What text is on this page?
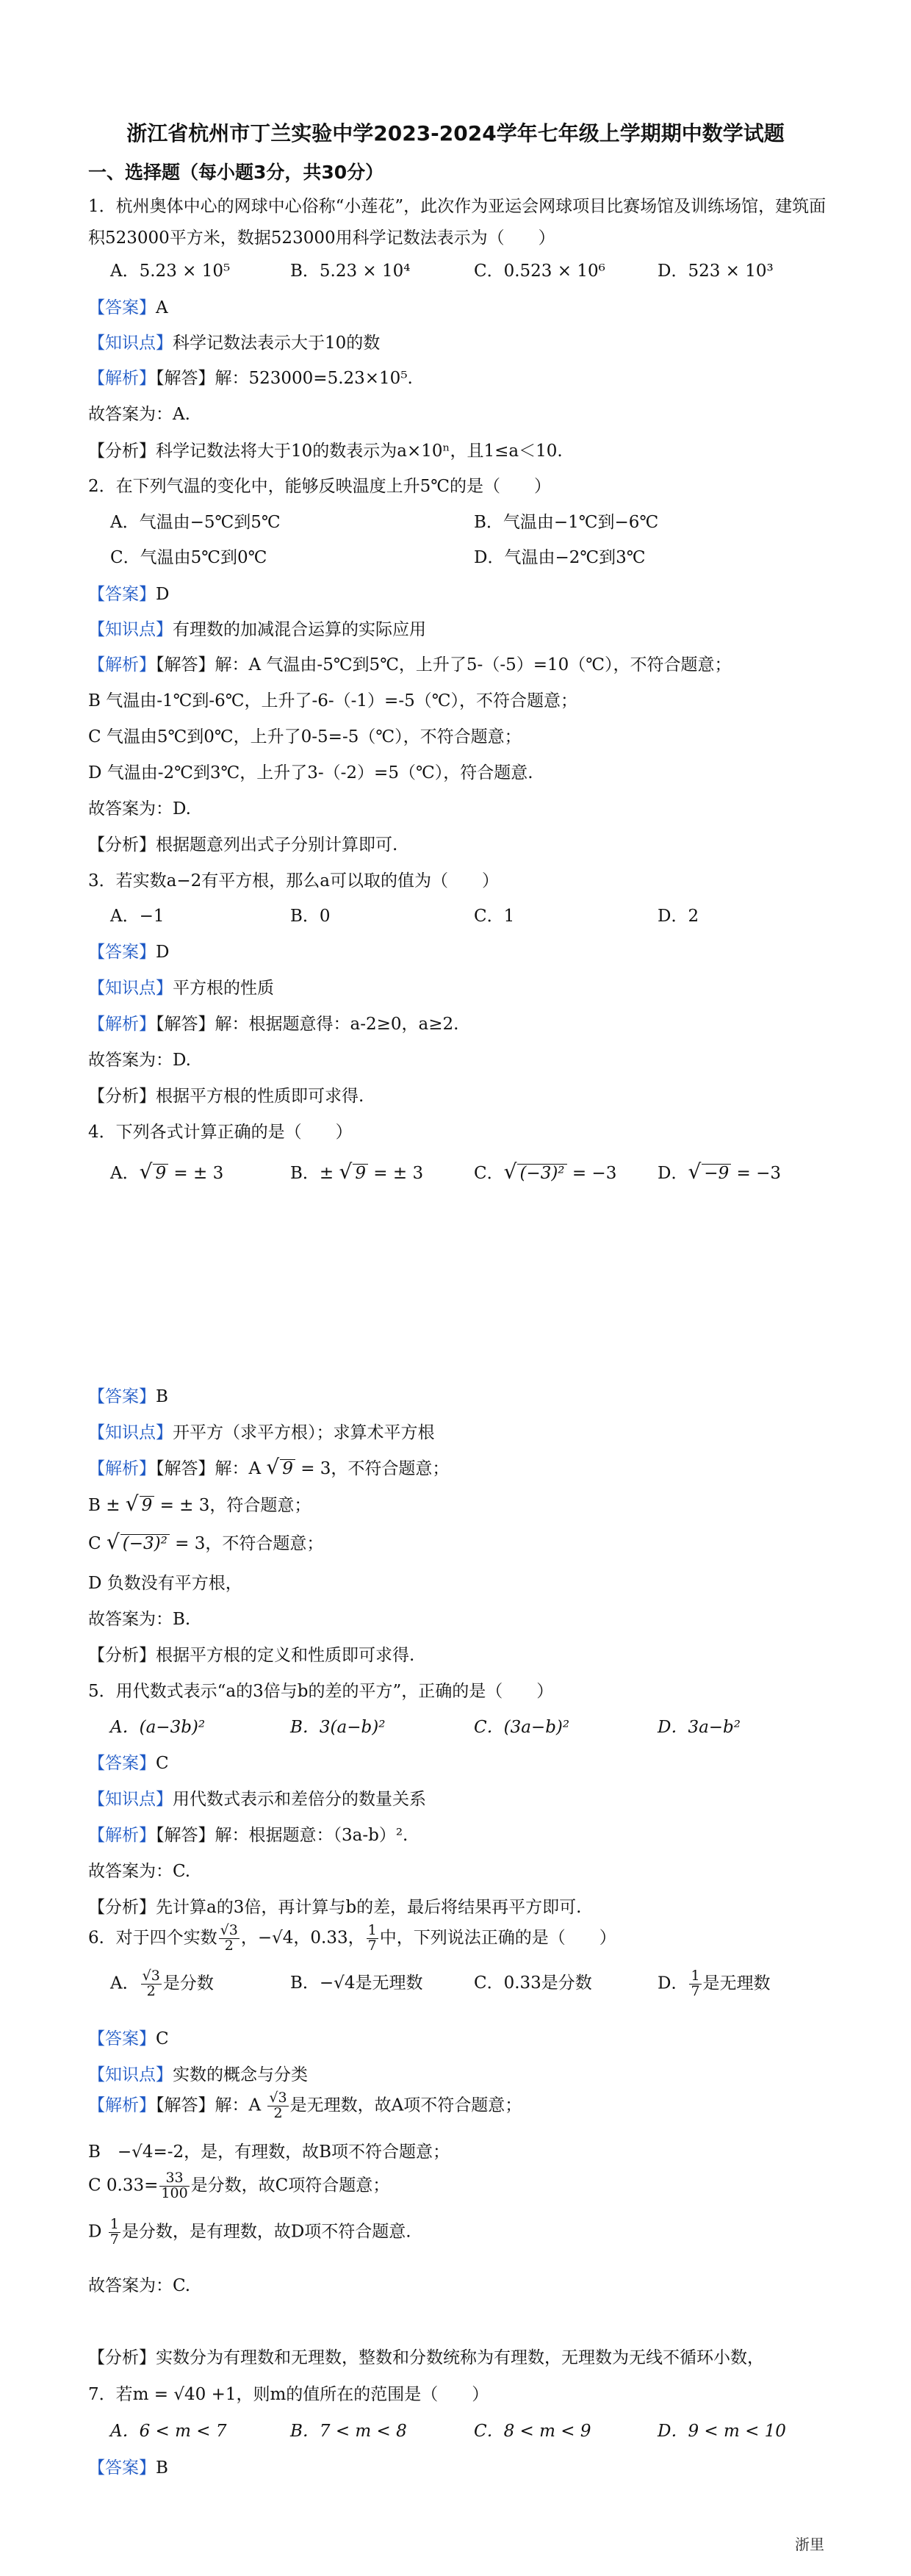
浙江省杭州市丁兰实验中学2023-2024学年七年级上学期期中数学试题
一、选择题（每小题3分，共30分）
1．杭州奥体中心的网球中心俗称“小莲花”，此次作为亚运会网球项目比赛场馆及训练场馆，建筑面
积523000平方米，数据523000用科学记数法表示为（　　）
A．5.23 × 10⁵	B．5.23 × 10⁴	C．0.523 × 10⁶	D．523 × 10³
【答案】A
【知识点】科学记数法表示大于10的数
【解析】【解答】解：523000=5.23×10⁵.
故答案为：A.
【分析】科学记数法将大于10的数表示为a×10ⁿ，且1≤a＜10.
2．在下列气温的变化中，能够反映温度上升5℃的是（　　）
A．气温由−5℃到5℃	B．气温由−1℃到−6℃
C．气温由5℃到0℃	D．气温由−2℃到3℃
【答案】D
【知识点】有理数的加减混合运算的实际应用
【解析】【解答】解：A 气温由-5℃到5℃，上升了5-（-5）=10（℃），不符合题意；
B 气温由-1℃到-6℃，上升了-6-（-1）=-5（℃），不符合题意；
C 气温由5℃到0℃，上升了0-5=-5（℃），不符合题意；
D 气温由-2℃到3℃，上升了3-（-2）=5（℃），符合题意.
故答案为：D.
【分析】根据题意列出式子分别计算即可.
3．若实数a−2有平方根，那么a可以取的值为（　　）
A．−1	B．0	C．1	D．2
【答案】D
【知识点】平方根的性质
【解析】【解答】解：根据题意得：a-2≥0，a≥2.
故答案为：D.
【分析】根据平方根的性质即可求得.
4．下列各式计算正确的是（　　）
A．√ 9 = ± 3	B．± √ 9 = ± 3	C．√ (−3)² = −3 D．√ −9 = −3
【答案】B
【知识点】开平方（求平方根）；求算术平方根
【解析】【解答】解：A √ 9 = 3，不符合题意；
B ± √ 9 = ± 3，符合题意；
C √ (−3)² = 3，不符合题意；
D 负数没有平方根，
故答案为：B.
【分析】根据平方根的定义和性质即可求得.
5．用代数式表示“a的3倍与b的差的平方”，正确的是（　　）
A．(a−3b)²	B．3(a−b)²	C．(3a−b)²	D．3a−b²
【答案】C
【知识点】用代数式表示和差倍分的数量关系
【解析】【解答】解：根据题意：（3a-b）².
故答案为：C.
【分析】先计算a的3倍，再计算与b的差，最后将结果再平方即可.
6．对于四个实数 $\frac{√3}{2}$ ，−√4，0.33， $\frac{1}{7}$ 中，下列说法正确的是（　　）
A． $\frac{√3}{2}$ 是分数	B．−√4是无理数	C．0.33是分数	D． $\frac{1}{7}$ 是无理数
【答案】C
【知识点】实数的概念与分类
【解析】【解答】解：A $\frac{√3}{2}$ 是无理数，故A项不符合题意；
B　−√4=-2，是，有理数，故B项不符合题意；
C $0.33= \frac{33}{100}$ 是分数，故C项符合题意；
D $\frac{1}{7}$ 是分数，是有理数，故D项不符合题意.
故答案为：C.
【分析】实数分为有理数和无理数，整数和分数统称为有理数，无理数为无线不循环小数，
7．若m = √40 +1，则m的值所在的范围是（　　）
A．6 < m < 7	B．7 < m < 8	C．8 < m < 9	D．9 < m < 10
【答案】B
浙里
